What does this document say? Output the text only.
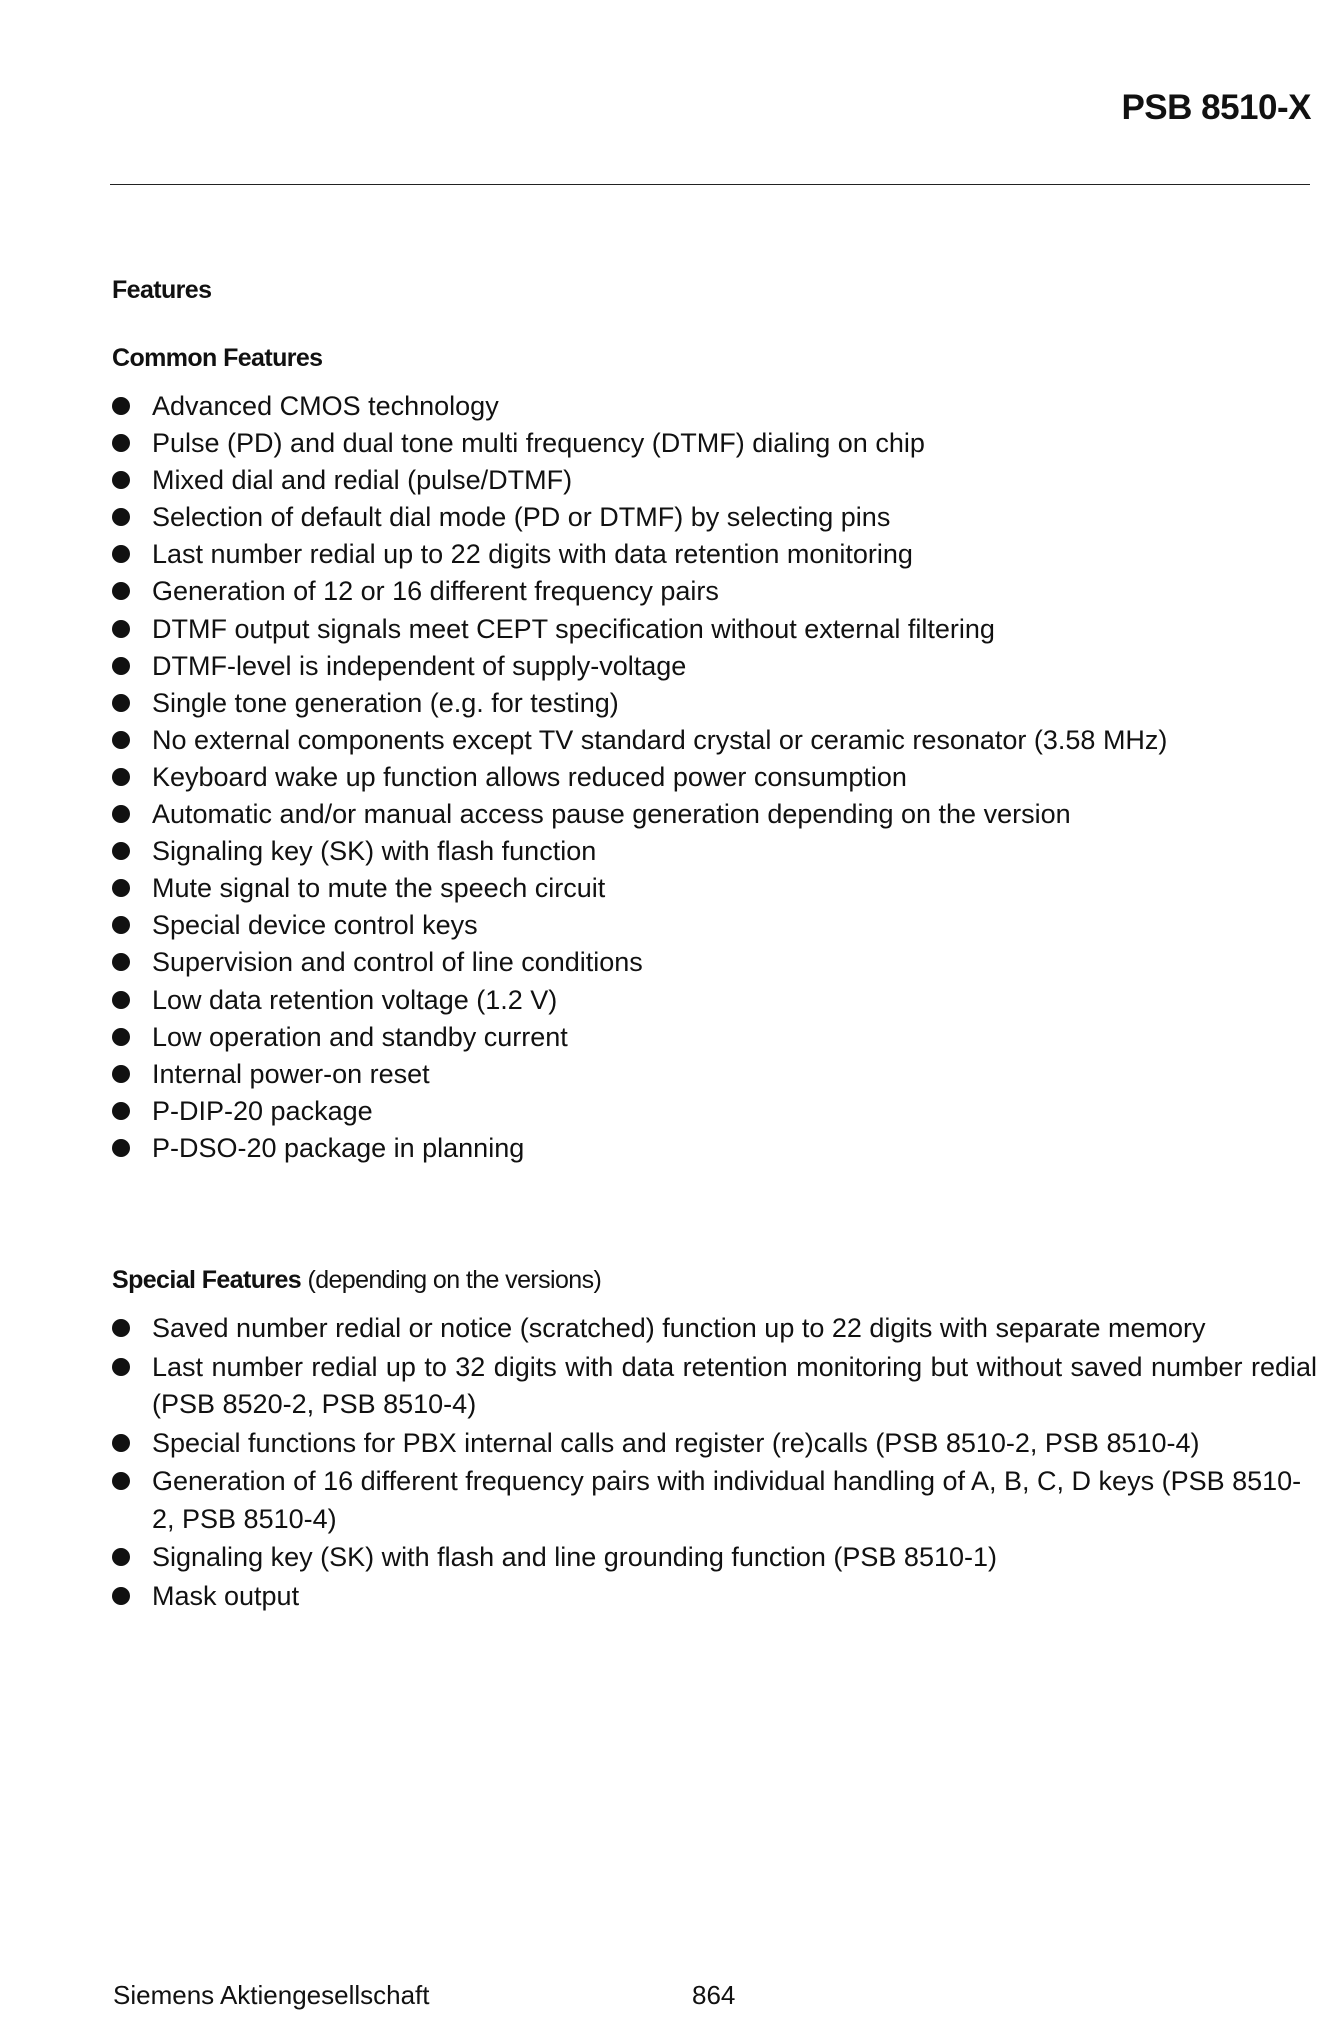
PSB 8510-X
Features
Common Features
Advanced CMOS technology
Pulse (PD) and dual tone multi frequency (DTMF) dialing on chip
Mixed dial and redial (pulse/DTMF)
Selection of default dial mode (PD or DTMF) by selecting pins
Last number redial up to 22 digits with data retention monitoring
Generation of 12 or 16 different frequency pairs
DTMF output signals meet CEPT specification without external filtering
DTMF-level is independent of supply-voltage
Single tone generation (e.g. for testing)
No external components except TV standard crystal or ceramic resonator (3.58 MHz)
Keyboard wake up function allows reduced power consumption
Automatic and/or manual access pause generation depending on the version
Signaling key (SK) with flash function
Mute signal to mute the speech circuit
Special device control keys
Supervision and control of line conditions
Low data retention voltage (1.2 V)
Low operation and standby current
Internal power-on reset
P-DIP-20 package
P-DSO-20 package in planning
Special Features (depending on the versions)
Saved number redial or notice (scratched) function up to 22 digits with separate memory
Last number redial up to 32 digits with data retention monitoring but without saved number redial (PSB 8520-2, PSB 8510-4)
Special functions for PBX internal calls and register (re)calls (PSB 8510-2, PSB 8510-4)
Generation of 16 different frequency pairs with individual handling of A, B, C, D keys (PSB 8510-2, PSB 8510-4)
Signaling key (SK) with flash and line grounding function (PSB 8510-1)
Mask output

Siemens Aktiengesellschaft	864
